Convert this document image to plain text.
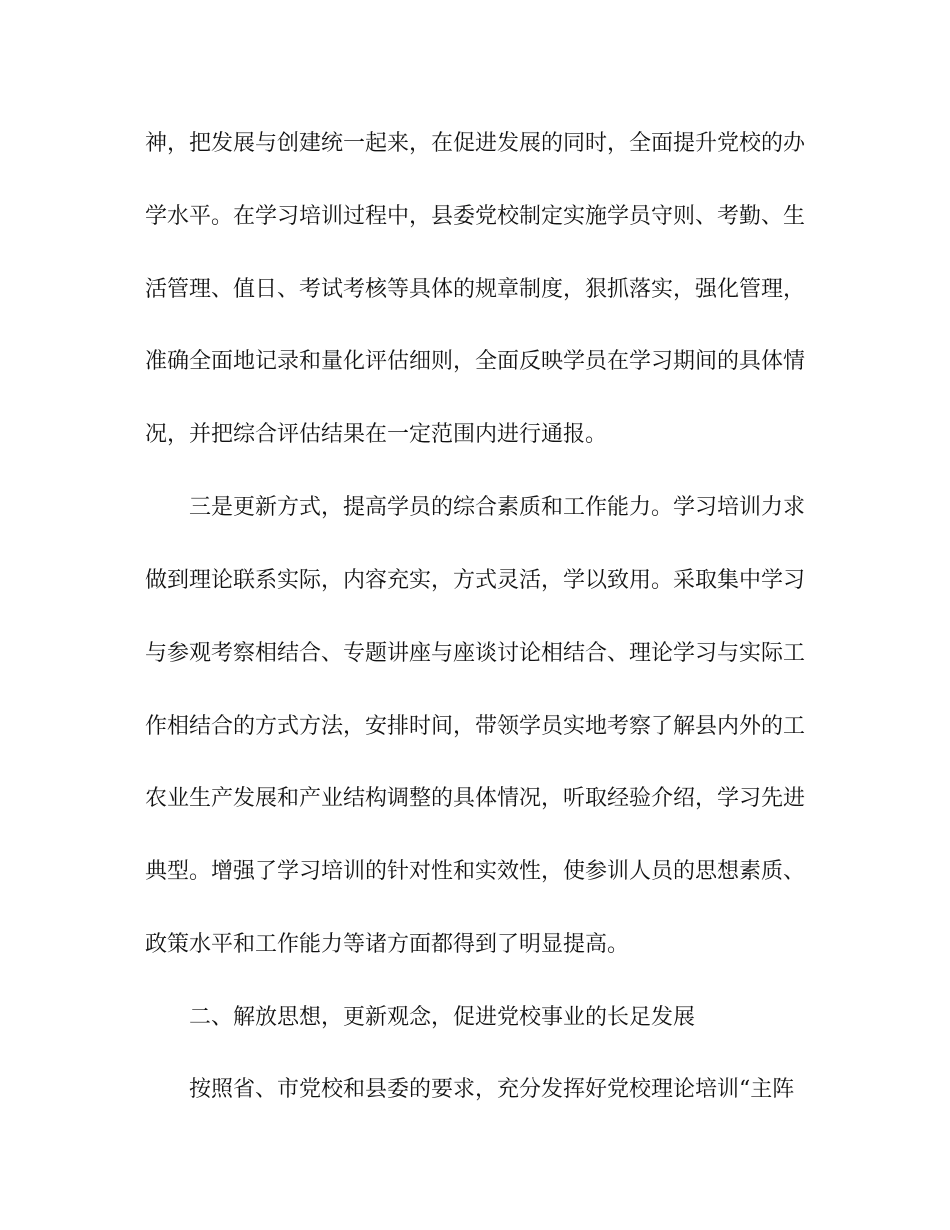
神，把发展与创建统一起来，在促进发展的同时，全面提升党校的办
学水平。在学习培训过程中，县委党校制定实施学员守则、考勤、生
活管理、值日、考试考核等具体的规章制度，狠抓落实，强化管理，
准确全面地记录和量化评估细则，全面反映学员在学习期间的具体情
况，并把综合评估结果在一定范围内进行通报。
三是更新方式，提高学员的综合素质和工作能力。学习培训力求
做到理论联系实际，内容充实，方式灵活，学以致用。采取集中学习
与参观考察相结合、专题讲座与座谈讨论相结合、理论学习与实际工
作相结合的方式方法，安排时间，带领学员实地考察了解县内外的工
农业生产发展和产业结构调整的具体情况，听取经验介绍，学习先进
典型。增强了学习培训的针对性和实效性，使参训人员的思想素质、
政策水平和工作能力等诸方面都得到了明显提高。
二、解放思想，更新观念，促进党校事业的长足发展
按照省、市党校和县委的要求，充分发挥好党校理论培训“主阵
